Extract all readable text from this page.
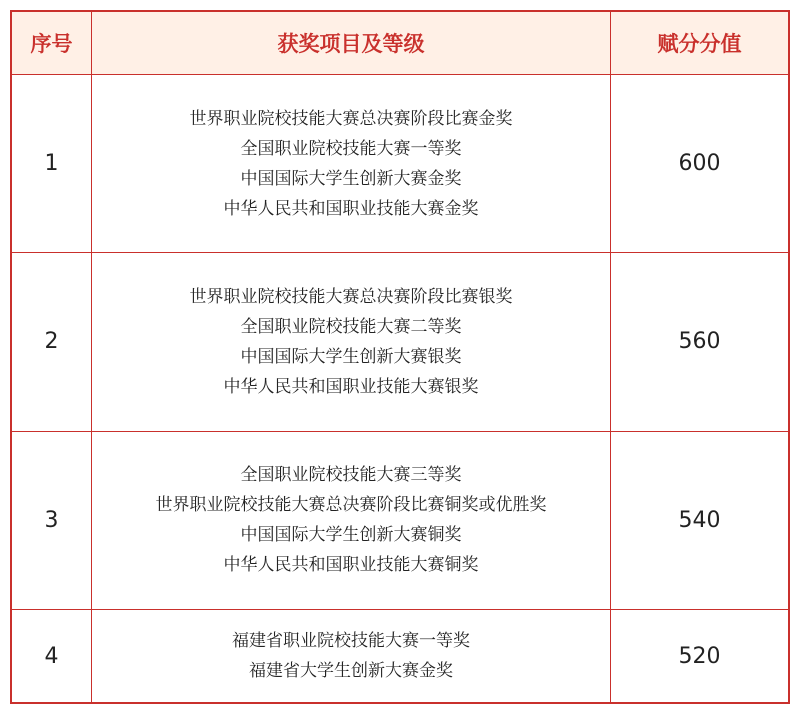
序号	获奖项目及等级	赋分分值
1	世界职业院校技能大赛总决赛阶段比赛金奖
全国职业院校技能大赛一等奖
中国国际大学生创新大赛金奖
中华人民共和国职业技能大赛金奖	600
2	世界职业院校技能大赛总决赛阶段比赛银奖
全国职业院校技能大赛二等奖
中国国际大学生创新大赛银奖
中华人民共和国职业技能大赛银奖	560
3	全国职业院校技能大赛三等奖
世界职业院校技能大赛总决赛阶段比赛铜奖或优胜奖
中国国际大学生创新大赛铜奖
中华人民共和国职业技能大赛铜奖	540
4	福建省职业院校技能大赛一等奖
福建省大学生创新大赛金奖	520
